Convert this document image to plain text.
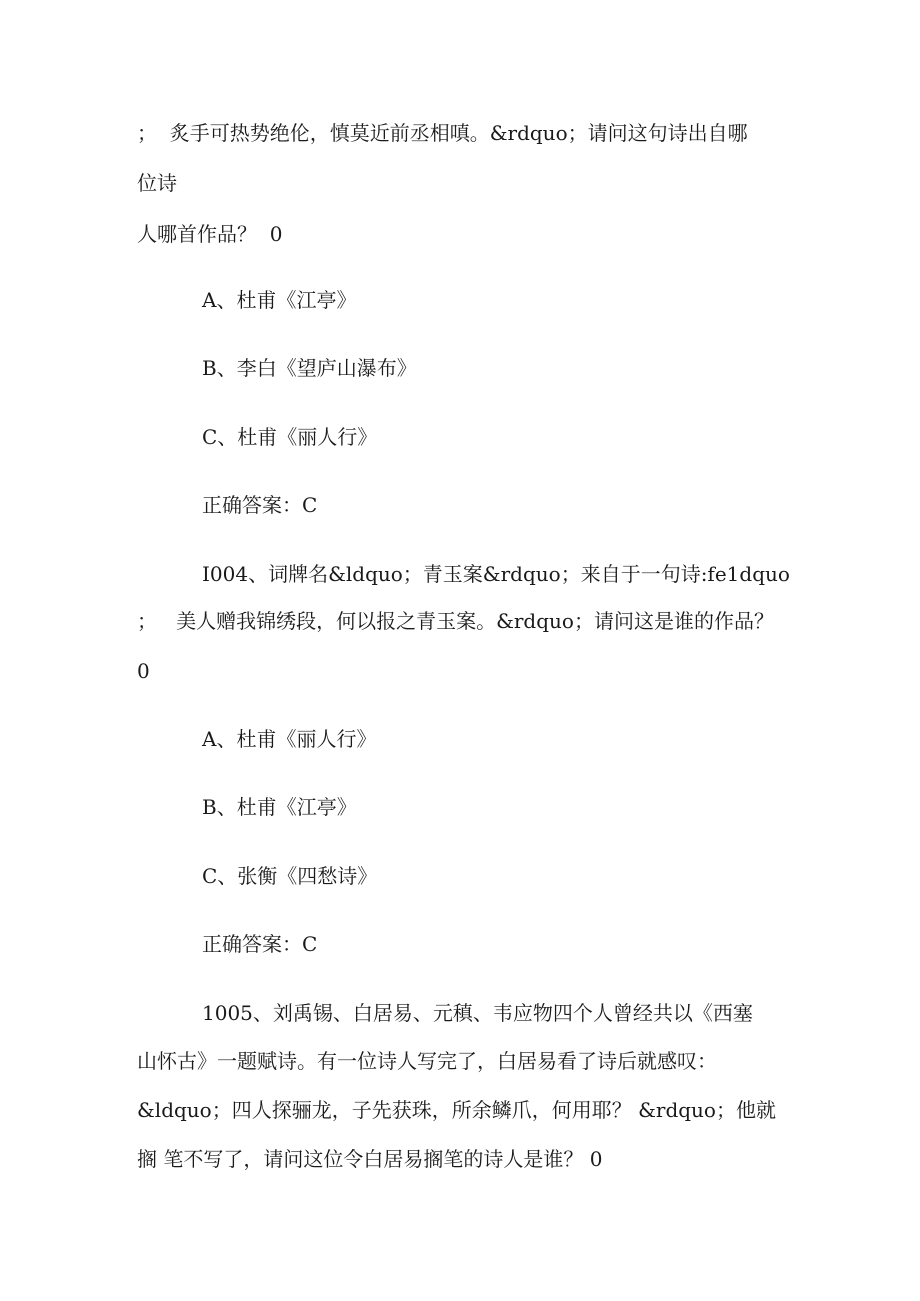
；  炙手可热势绝伦，慎莫近前丞相嗔。&rdquo；请问这句诗出自哪
位诗
人哪首作品？  0
A、杜甫《江亭》
B、李白《望庐山瀑布》
C、杜甫《丽人行》
正确答案：C
I004、词牌名&ldquo；青玉案&rdquo；来自于一句诗:fe1dquo
；   美人赠我锦绣段，何以报之青玉案。&rdquo；请问这是谁的作品？
0
A、杜甫《丽人行》
B、杜甫《江亭》
C、张衡《四愁诗》
正确答案：C
1005、刘禹锡、白居易、元稹、韦应物四个人曾经共以《西塞
山怀古》一题赋诗。有一位诗人写完了，白居易看了诗后就感叹：
&ldquo；四人探骊龙，子先获珠，所余鳞爪，何用耶？ &rdquo；他就
搁 笔不写了，请问这位令白居易搁笔的诗人是谁？ 0
